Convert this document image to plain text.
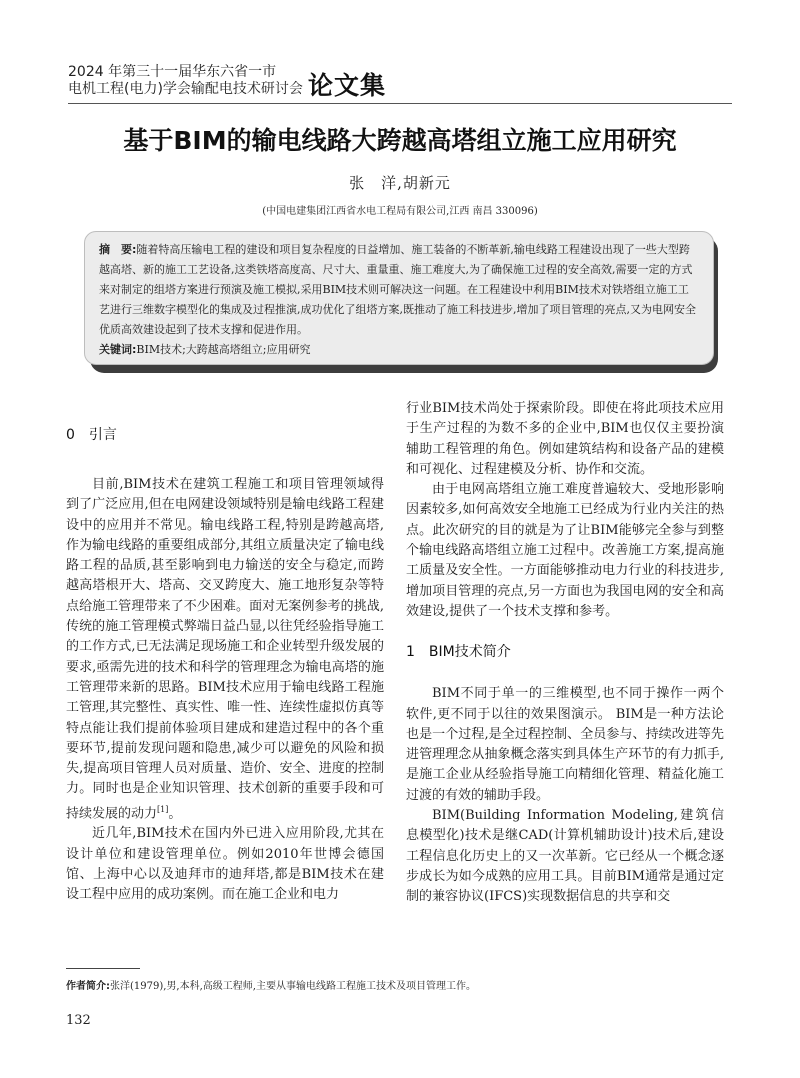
2024 年第三十一届华东六省一市
电机工程(电力)学会输配电技术研讨会 论文集
基于BIM的输电线路大跨越高塔组立施工应用研究
张　洋,胡新元
(中国电建集团江西省水电工程局有限公司,江西 南昌 330096)

摘　要:随着特高压输电工程的建设和项目复杂程度的日益增加、施工装备的不断革新,输电线路工程建设出现了一些大型跨越高塔、新的施工工艺设备,这类铁塔高度高、尺寸大、重量重、施工难度大,为了确保施工过程的安全高效,需要一定的方式来对制定的组塔方案进行预演及施工模拟,采用BIM技术则可解决这一问题。在工程建设中利用BIM技术对铁塔组立施工工艺进行三维数字模型化的集成及过程推演,成功优化了组塔方案,既推动了施工科技进步,增加了项目管理的亮点,又为电网安全优质高效建设起到了技术支撑和促进作用。

关键词:BIM技术;大跨越高塔组立;应用研究

0　引言

目前,BIM技术在建筑工程施工和项目管理领域得到了广泛应用,但在电网建设领域特别是输电线路工程建设中的应用并不常见。输电线路工程,特别是跨越高塔,作为输电线路的重要组成部分,其组立质量决定了输电线路工程的品质,甚至影响到电力输送的安全与稳定,而跨越高塔根开大、塔高、交叉跨度大、施工地形复杂等特点给施工管理带来了不少困难。面对无案例参考的挑战,传统的施工管理模式弊端日益凸显,以往凭经验指导施工的工作方式,已无法满足现场施工和企业转型升级发展的要求,亟需先进的技术和科学的管理理念为输电高塔的施工管理带来新的思路。BIM技术应用于输电线路工程施工管理,其完整性、真实性、唯一性、连续性虚拟仿真等特点能让我们提前体验项目建成和建造过程中的各个重要环节,提前发现问题和隐患,减少可以避免的风险和损失,提高项目管理人员对质量、造价、安全、进度的控制力。同时也是企业知识管理、技术创新的重要手段和可持续发展的动力[1]。

近几年,BIM技术在国内外已进入应用阶段,尤其在设计单位和建设管理单位。例如2010年世博会德国馆、上海中心以及迪拜市的迪拜塔,都是BIM技术在建设工程中应用的成功案例。而在施工企业和电力

行业BIM技术尚处于探索阶段。即使在将此项技术应用于生产过程的为数不多的企业中,BIM也仅仅主要扮演辅助工程管理的角色。例如建筑结构和设备产品的建模和可视化、过程建模及分析、协作和交流。

由于电网高塔组立施工难度普遍较大、受地形影响因素较多,如何高效安全地施工已经成为行业内关注的热点。此次研究的目的就是为了让BIM能够完全参与到整个输电线路高塔组立施工过程中。改善施工方案,提高施工质量及安全性。一方面能够推动电力行业的科技进步,增加项目管理的亮点,另一方面也为我国电网的安全和高效建设,提供了一个技术支撑和参考。

1　BIM技术简介

BIM不同于单一的三维模型,也不同于操作一两个软件,更不同于以往的效果图演示。 BIM是一种方法论也是一个过程,是全过程控制、全员参与、持续改进等先进管理理念从抽象概念落实到具体生产环节的有力抓手,是施工企业从经验指导施工向精细化管理、精益化施工过渡的有效的辅助手段。

BIM(Building Information Modeling,建筑信息模型化)技术是继CAD(计算机辅助设计)技术后,建设工程信息化历史上的又一次革新。它已经从一个概念逐步成长为如今成熟的应用工具。目前BIM通常是通过定制的兼容协议(IFCS)实现数据信息的共享和交

作者简介:张洋(1979),男,本科,高级工程师,主要从事输电线路工程施工技术及项目管理工作。
132
